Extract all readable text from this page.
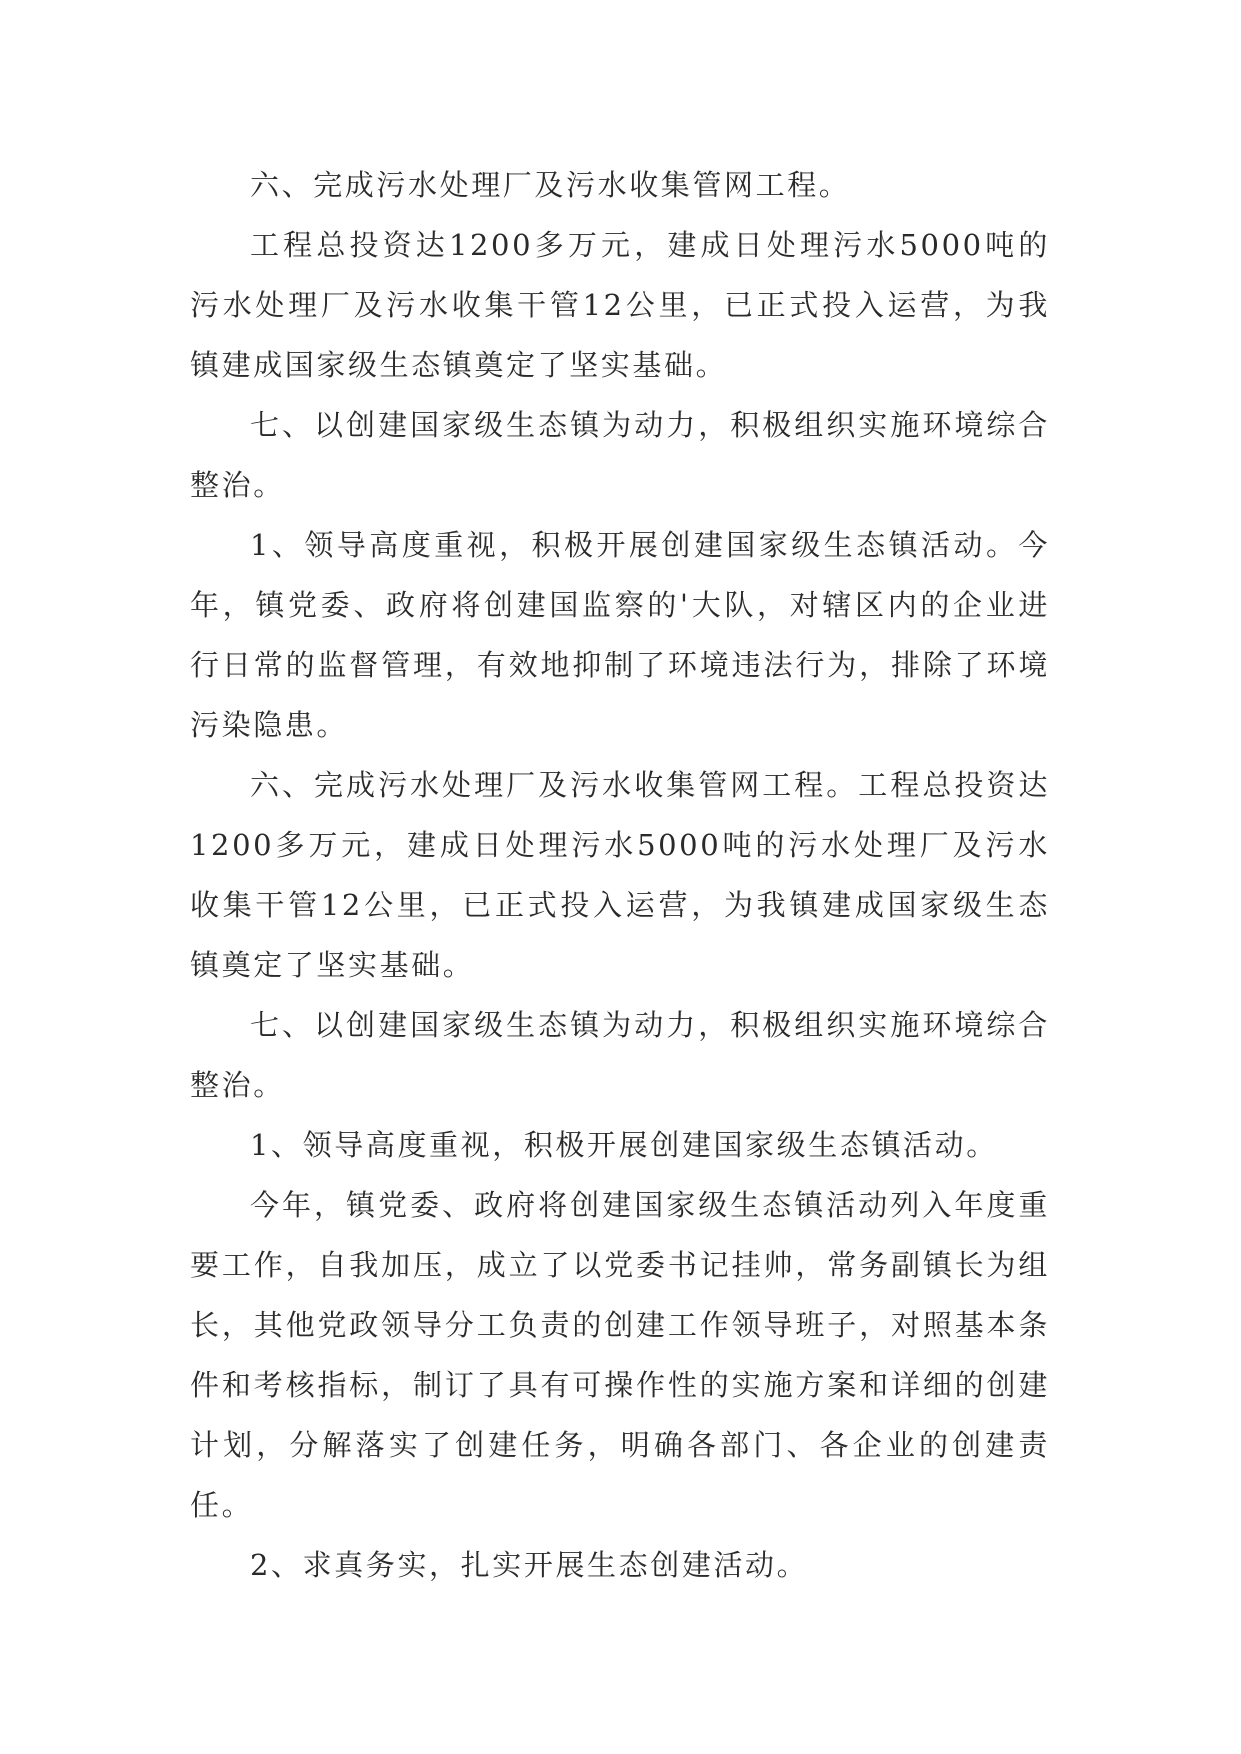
六、完成污水处理厂及污水收集管网工程。

工程总投资达1200多万元，建成日处理污水5000吨的污水处理厂及污水收集干管12公里，已正式投入运营，为我镇建成国家级生态镇奠定了坚实基础。

七、以创建国家级生态镇为动力，积极组织实施环境综合整治。

1、领导高度重视，积极开展创建国家级生态镇活动。今年，镇党委、政府将创建国监察的'大队，对辖区内的企业进行日常的监督管理，有效地抑制了环境违法行为，排除了环境污染隐患。

六、完成污水处理厂及污水收集管网工程。工程总投资达1200多万元，建成日处理污水5000吨的污水处理厂及污水收集干管12公里，已正式投入运营，为我镇建成国家级生态镇奠定了坚实基础。

七、以创建国家级生态镇为动力，积极组织实施环境综合整治。

1、领导高度重视，积极开展创建国家级生态镇活动。

今年，镇党委、政府将创建国家级生态镇活动列入年度重要工作，自我加压，成立了以党委书记挂帅，常务副镇长为组长，其他党政领导分工负责的创建工作领导班子，对照基本条件和考核指标，制订了具有可操作性的实施方案和详细的创建计划，分解落实了创建任务，明确各部门、各企业的创建责任。

2、求真务实，扎实开展生态创建活动。
